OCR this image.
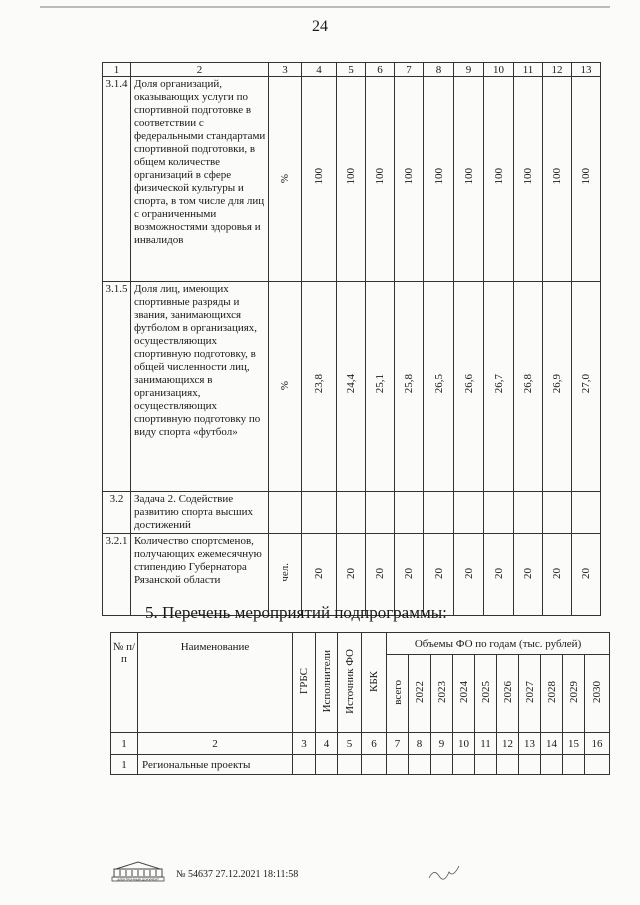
24
1	2	3	4	5	6	7	8	9	10	11	12	13
3.1.4	Доля организаций, оказывающих услуги по спортивной подготовке в соответствии с федеральными стандартами спортивной подготовки, в общем количестве организаций в сфере физической культуры и спорта, в том числе для лиц с ограниченными возможностями здоровья и инвалидов	%	100	100	100	100	100	100	100	100	100	100
3.1.5	Доля лиц, имеющих спортивные разряды и звания, занимающихся футболом в организациях, осуществляющих спортивную подготовку, в общей численности лиц, занимающихся в организациях, осуществляющих спортивную подготовку по виду спорта «футбол»	%	23,8	24,4	25,1	25,8	26,5	26,6	26,7	26,8	26,9	27,0
3.2	Задача 2. Содействие развитию спорта высших достижений											
3.2.1	Количество спортсменов, получающих ежемесячную стипендию Губернатора Рязанской области	чел.	20	20	20	20	20	20	20	20	20	20
5. Перечень мероприятий подпрограммы:
№ п/п	Наименование	ГРБС	Исполнители	Источник ФО	КБК	Объемы ФО по годам (тыс. рублей)									
						всего	2022	2023	2024	2025	2026	2027	2028	2029	2030
1	2	3	4	5	6	7	8	9	10	11	12	13	14	15	16
1	Региональные проекты														
ЭЛЕКТРОННЫЙ ДОКУМЕНТ № 54637 27.12.2021 18:11:58
